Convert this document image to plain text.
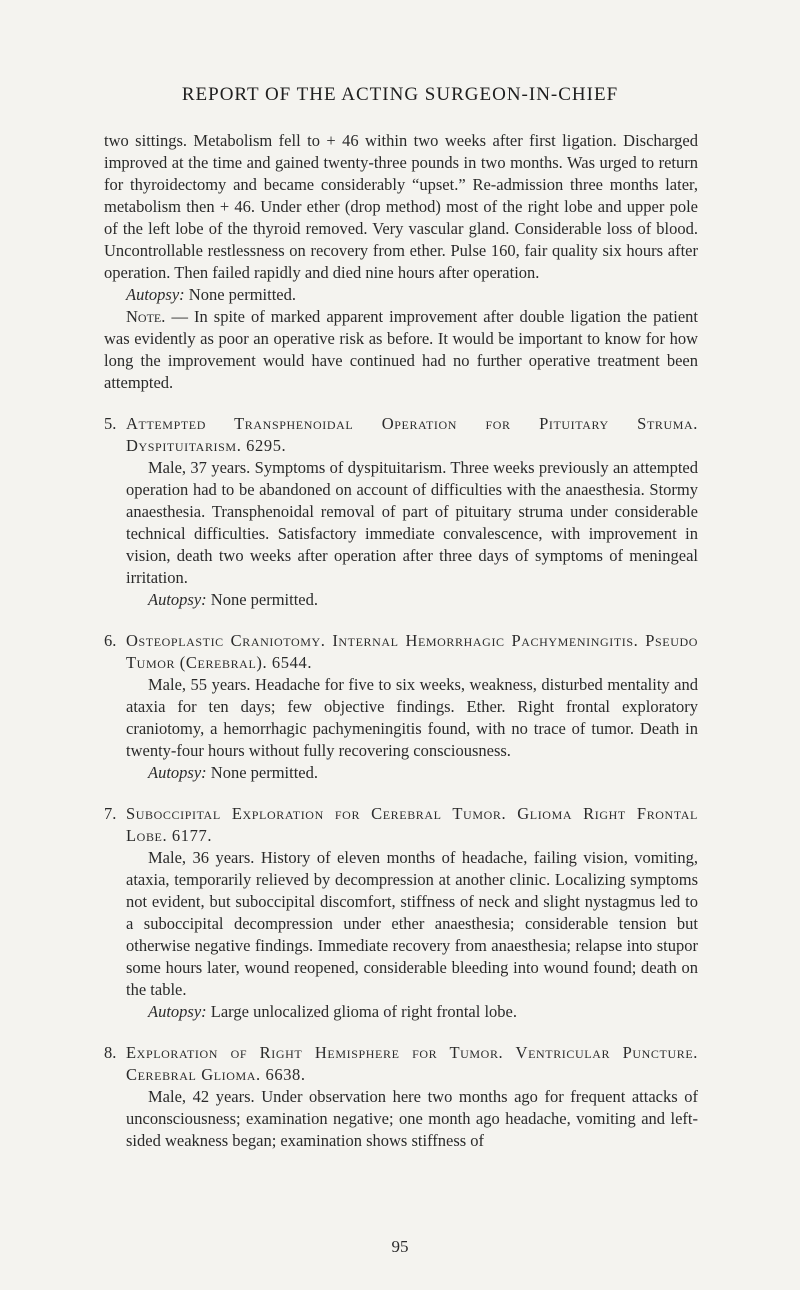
REPORT OF THE ACTING SURGEON-IN-CHIEF

two sittings. Metabolism fell to + 46 within two weeks after first ligation. Discharged improved at the time and gained twenty-three pounds in two months. Was urged to return for thyroidectomy and became considerably “upset.” Re-admission three months later, metabolism then + 46. Under ether (drop method) most of the right lobe and upper pole of the left lobe of the thyroid removed. Very vascular gland. Considerable loss of blood. Uncontrollable restlessness on recovery from ether. Pulse 160, fair quality six hours after operation. Then failed rapidly and died nine hours after operation.

Autopsy: None permitted.

Note. — In spite of marked apparent improvement after double ligation the patient was evidently as poor an operative risk as before. It would be important to know for how long the improvement would have continued had no further operative treatment been attempted.

5. Attempted Transphenoidal Operation for Pituitary Struma. Dyspituitarism. 6295.

Male, 37 years. Symptoms of dyspituitarism. Three weeks previously an attempted operation had to be abandoned on account of difficulties with the anaesthesia. Stormy anaesthesia. Transphenoidal removal of part of pituitary struma under considerable technical difficulties. Satisfactory immediate convalescence, with improvement in vision, death two weeks after operation after three days of symptoms of meningeal irritation.

Autopsy: None permitted.

6. Osteoplastic Craniotomy. Internal Hemorrhagic Pachymeningitis. Pseudo Tumor (Cerebral). 6544.

Male, 55 years. Headache for five to six weeks, weakness, disturbed mentality and ataxia for ten days; few objective findings. Ether. Right frontal exploratory craniotomy, a hemorrhagic pachymeningitis found, with no trace of tumor. Death in twenty-four hours without fully recovering consciousness.

Autopsy: None permitted.

7. Suboccipital Exploration for Cerebral Tumor. Glioma Right Frontal Lobe. 6177.

Male, 36 years. History of eleven months of headache, failing vision, vomiting, ataxia, temporarily relieved by decompression at another clinic. Localizing symptoms not evident, but suboccipital discomfort, stiffness of neck and slight nystagmus led to a suboccipital decompression under ether anaesthesia; considerable tension but otherwise negative findings. Immediate recovery from anaesthesia; relapse into stupor some hours later, wound reopened, considerable bleeding into wound found; death on the table.

Autopsy: Large unlocalized glioma of right frontal lobe.

8. Exploration of Right Hemisphere for Tumor. Ventricular Puncture. Cerebral Glioma. 6638.

Male, 42 years. Under observation here two months ago for frequent attacks of unconsciousness; examination negative; one month ago headache, vomiting and left-sided weakness began; examination shows stiffness of

95
